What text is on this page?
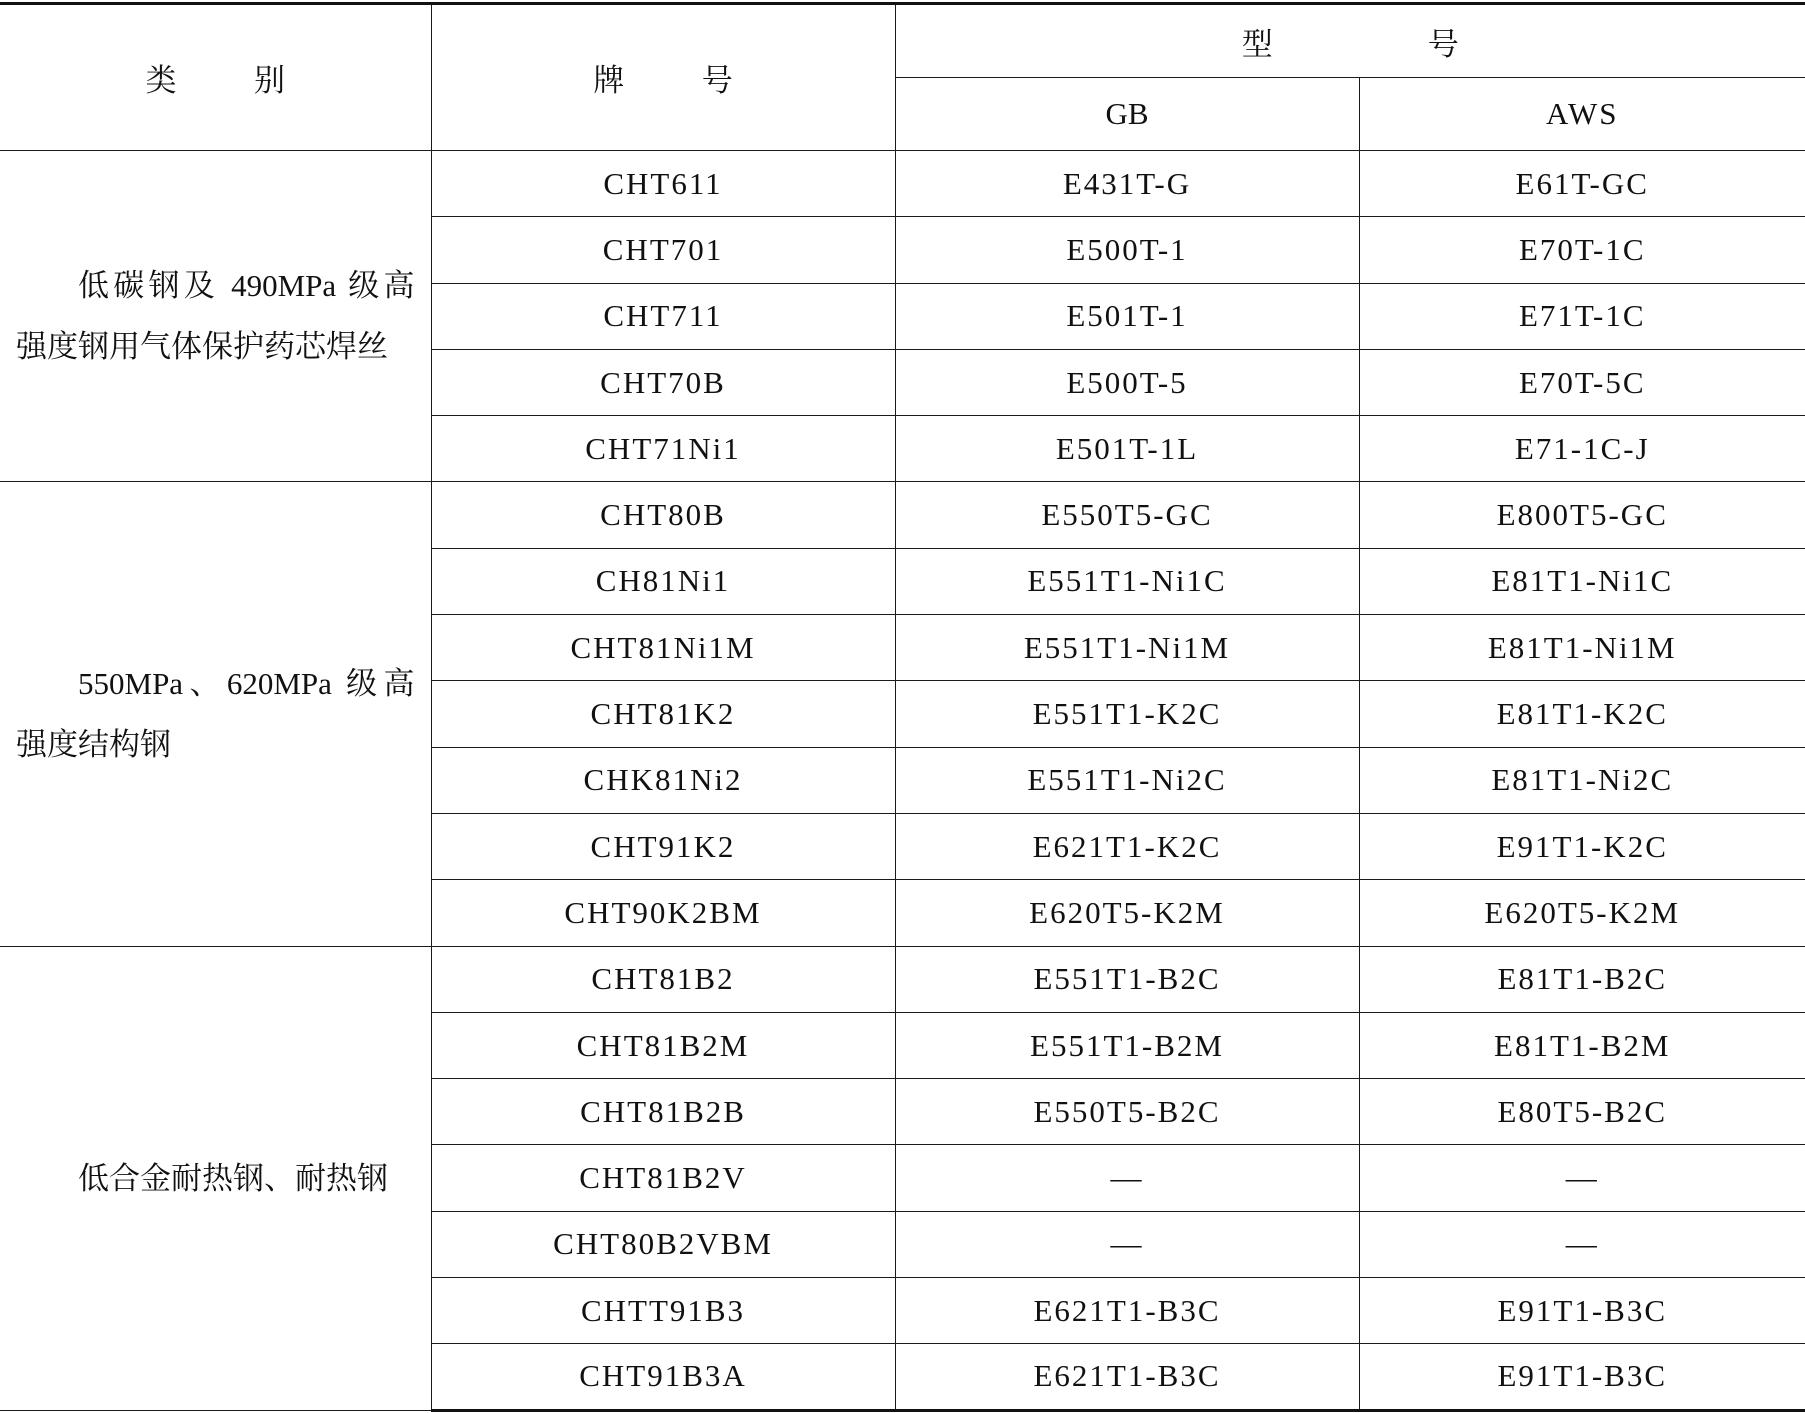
类          别	牌          号	型                    号	
		GB	AWS

低碳钢及 490MPa 级高强度钢用气体保护药芯焊丝	CHT611	E431T-G	E61T-GC
	CHT701	E500T-1	E70T-1C
	CHT711	E501T-1	E71T-1C
	CHT70B	E500T-5	E70T-5C
	CHT71Ni1	E501T-1L	E71-1C-J

550MPa、620MPa 级高强度结构钢	CHT80B	E550T5-GC	E800T5-GC
	CH81Ni1	E551T1-Ni1C	E81T1-Ni1C
	CHT81Ni1M	E551T1-Ni1M	E81T1-Ni1M
	CHT81K2	E551T1-K2C	E81T1-K2C
	CHK81Ni2	E551T1-Ni2C	E81T1-Ni2C
	CHT91K2	E621T1-K2C	E91T1-K2C
	CHT90K2BM	E620T5-K2M	E620T5-K2M

低合金耐热钢、耐热钢	CHT81B2	E551T1-B2C	E81T1-B2C
	CHT81B2M	E551T1-B2M	E81T1-B2M
	CHT81B2B	E550T5-B2C	E80T5-B2C
	CHT81B2V	—	—
	CHT80B2VBM	—	—
	CHTT91B3	E621T1-B3C	E91T1-B3C
	CHT91B3A	E621T1-B3C	E91T1-B3C
